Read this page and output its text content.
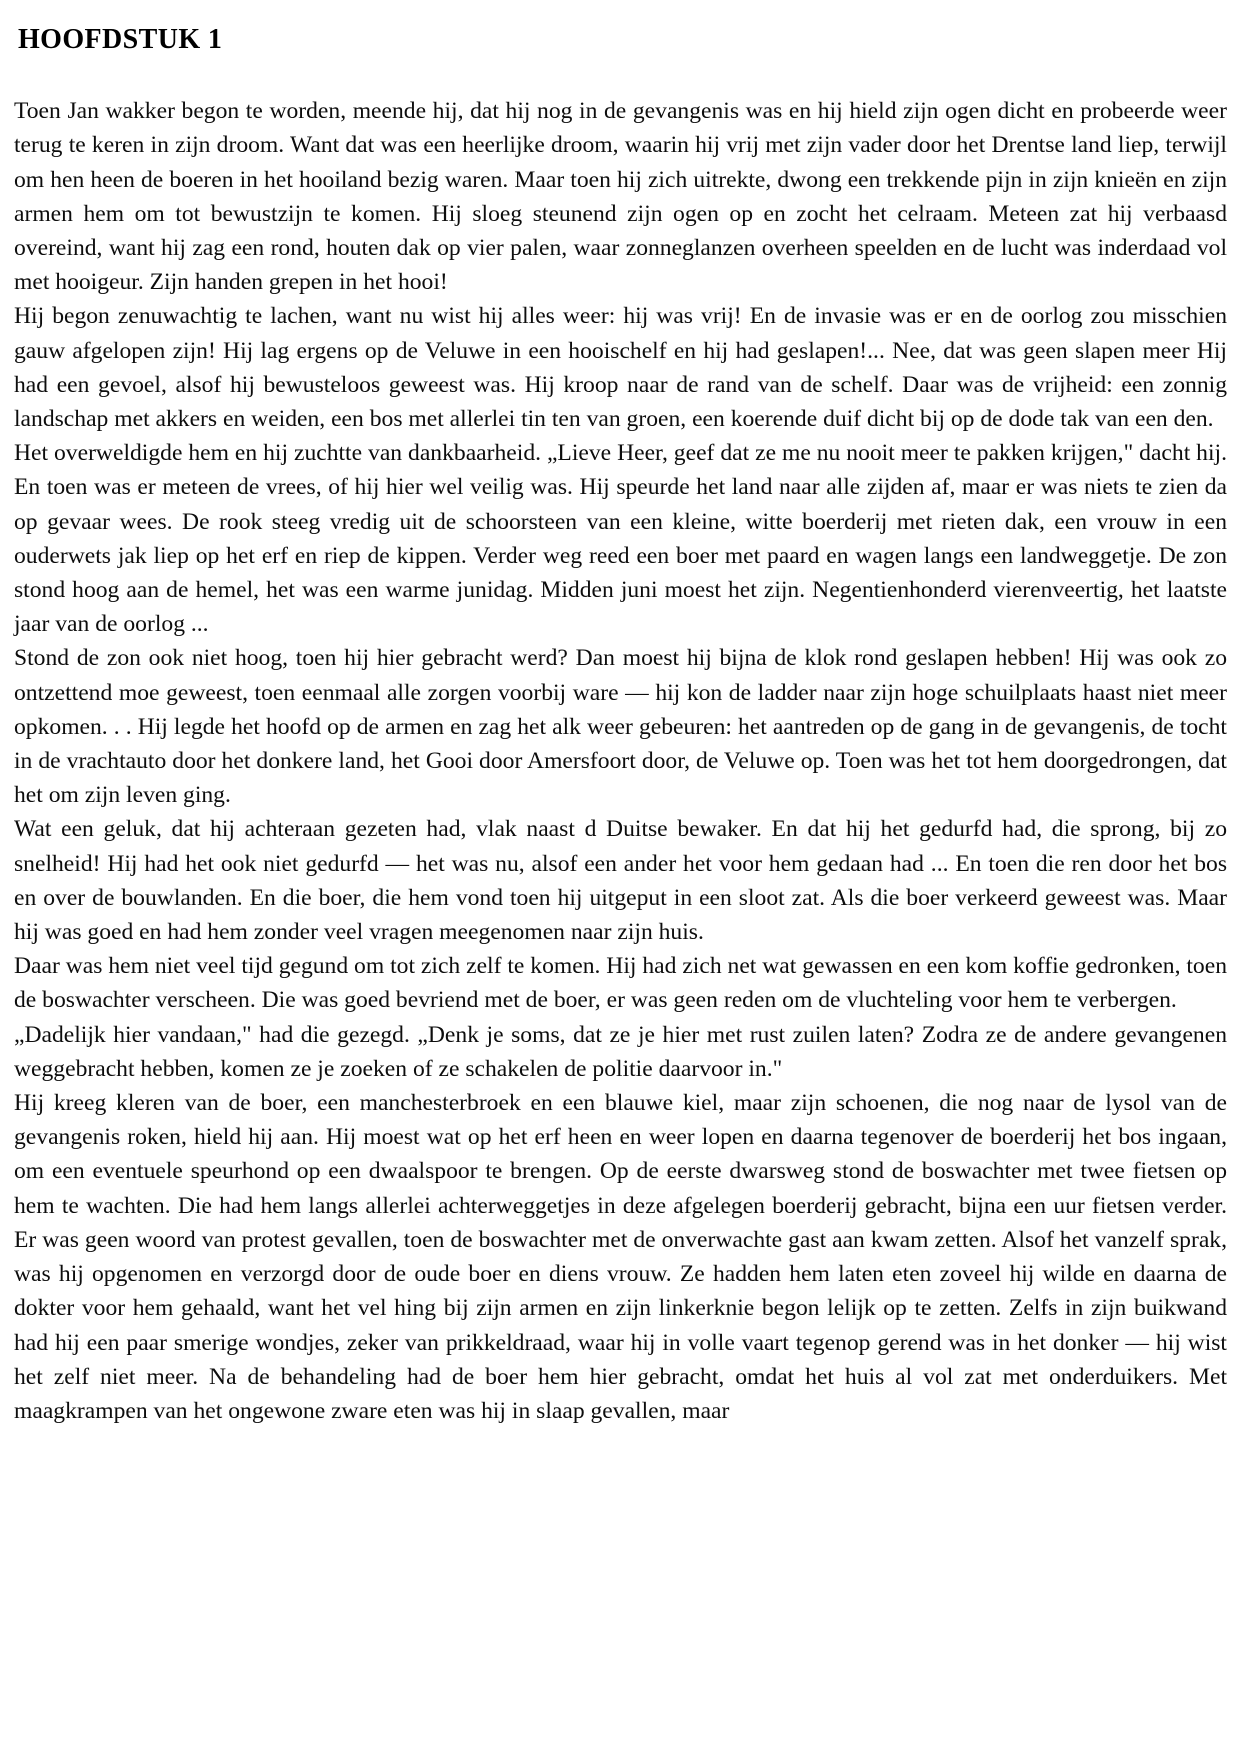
HOOFDSTUK 1

Toen Jan wakker begon te worden, meende hij, dat hij nog in de gevangenis was en hij hield zijn ogen dicht en probeerde weer terug te keren in zijn droom. Want dat was een heerlijke droom, waarin hij vrij met zijn vader door het Drentse land liep, terwijl om hen heen de boeren in het hooiland bezig waren. Maar toen hij zich uitrekte, dwong een trekkende pijn in zijn knieën en zijn armen hem om tot bewustzijn te komen. Hij sloeg steunend zijn ogen op en zocht het celraam. Meteen zat hij verbaasd overeind, want hij zag een rond, houten dak op vier palen, waar zonneglanzen overheen speelden en de lucht was inderdaad vol met hooigeur. Zijn handen grepen in het hooi!

Hij begon zenuwachtig te lachen, want nu wist hij alles weer: hij was vrij! En de invasie was er en de oorlog zou misschien gauw afgelopen zijn! Hij lag ergens op de Veluwe in een hooischelf en hij had geslapen!... Nee, dat was geen slapen meer Hij had een gevoel, alsof hij bewusteloos geweest was. Hij kroop naar de rand van de schelf. Daar was de vrijheid: een zonnig landschap met akkers en weiden, een bos met allerlei tin ten van groen, een koerende duif dicht bij op de dode tak van een den.

Het overweldigde hem en hij zuchtte van dankbaarheid. „Lieve Heer, geef dat ze me nu nooit meer te pakken krijgen," dacht hij. En toen was er meteen de vrees, of hij hier wel veilig was. Hij speurde het land naar alle zijden af, maar er was niets te zien da op gevaar wees. De rook steeg vredig uit de schoorsteen van een kleine, witte boerderij met rieten dak, een vrouw in een ouderwets jak liep op het erf en riep de kippen. Verder weg reed een boer met paard en wagen langs een landweggetje. De zon stond hoog aan de hemel, het was een warme junidag. Midden juni moest het zijn. Negentienhonderd vierenveertig, het laatste jaar van de oorlog ...

Stond de zon ook niet hoog, toen hij hier gebracht werd? Dan moest hij bijna de klok rond geslapen hebben! Hij was ook zo ontzettend moe geweest, toen eenmaal alle zorgen voorbij ware — hij kon de ladder naar zijn hoge schuilplaats haast niet meer opkomen. . . Hij legde het hoofd op de armen en zag het alk weer gebeuren: het aantreden op de gang in de gevangenis, de tocht in de vrachtauto door het donkere land, het Gooi door Amersfoort door, de Veluwe op. Toen was het tot hem doorgedrongen, dat het om zijn leven ging.

Wat een geluk, dat hij achteraan gezeten had, vlak naast d Duitse bewaker. En dat hij het gedurfd had, die sprong, bij zo snelheid! Hij had het ook niet gedurfd — het was nu, alsof een ander het voor hem gedaan had ... En toen die ren door het bos en over de bouwlanden. En die boer, die hem vond toen hij uitgeput in een sloot zat. Als die boer verkeerd geweest was. Maar hij was goed en had hem zonder veel vragen meegenomen naar zijn huis.

Daar was hem niet veel tijd gegund om tot zich zelf te komen. Hij had zich net wat gewassen en een kom koffie gedronken, toen de boswachter verscheen. Die was goed bevriend met de boer, er was geen reden om de vluchteling voor hem te verbergen.

„Dadelijk hier vandaan," had die gezegd. „Denk je soms, dat ze je hier met rust zuilen laten? Zodra ze de andere gevangenen weggebracht hebben, komen ze je zoeken of ze schakelen de politie daarvoor in."

Hij kreeg kleren van de boer, een manchesterbroek en een blauwe kiel, maar zijn schoenen, die nog naar de lysol van de gevangenis roken, hield hij aan. Hij moest wat op het erf heen en weer lopen en daarna tegenover de boerderij het bos ingaan, om een eventuele speurhond op een dwaalspoor te brengen. Op de eerste dwarsweg stond de boswachter met twee fietsen op hem te wachten. Die had hem langs allerlei achterweggetjes in deze afgelegen boerderij gebracht, bijna een uur fietsen verder. Er was geen woord van protest gevallen, toen de boswachter met de onverwachte gast aan kwam zetten. Alsof het vanzelf sprak, was hij opgenomen en verzorgd door de oude boer en diens vrouw. Ze hadden hem laten eten zoveel hij wilde en daarna de dokter voor hem gehaald, want het vel hing bij zijn armen en zijn linkerknie begon lelijk op te zetten. Zelfs in zijn buikwand had hij een paar smerige wondjes, zeker van prikkeldraad, waar hij in volle vaart tegenop gerend was in het donker — hij wist het zelf niet meer. Na de behandeling had de boer hem hier gebracht, omdat het huis al vol zat met onderduikers. Met maagkrampen van het ongewone zware eten was hij in slaap gevallen, maar
